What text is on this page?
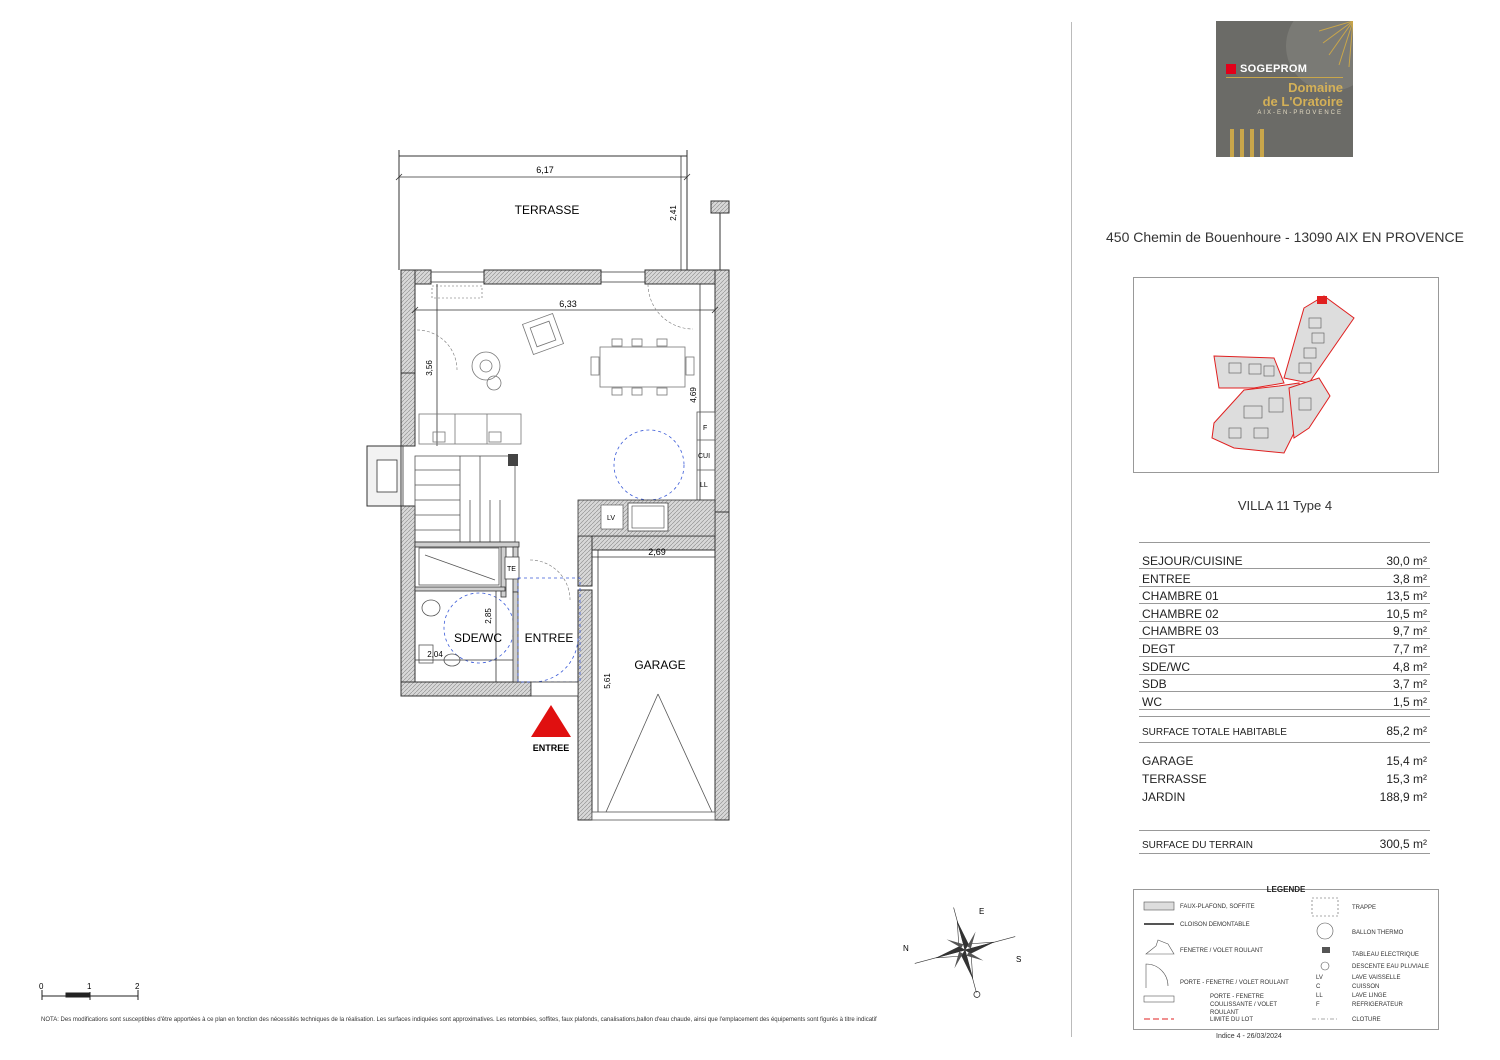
6,17
2,41
TERRASSE
6,33
3,56
4,69
F
CUI
LL
LV
TE
2,04
2,85
SDE/WC ENTREE
2,69
5,61
GARAGE
ENTREE
N
E
S
0	1	2
NOTA: Des modifications sont susceptibles d'être apportées à ce plan en fonction des nécessités techniques de la réalisation. Les surfaces indiquées sont approximatives. Les retombées, soffites, faux plafonds, canalisations,ballon d'eau chaude, ainsi que l'emplacement des équipements sont figurés à titre indicatif
SOGEPROM
Domaine
de L'Oratoire
AIX-EN-PROVENCE
450 Chemin de Bouenhoure - 13090 AIX EN PROVENCE
VILLA 11 Type 4
SEJOUR/CUISINE	30,0 m²
ENTREE	3,8 m²
CHAMBRE 01	13,5 m²
CHAMBRE 02	10,5 m²
CHAMBRE 03	9,7 m²
DEGT	7,7 m²
SDE/WC	4,8 m²
SDB	3,7 m²
WC	1,5 m²
SURFACE TOTALE HABITABLE	85,2 m²
GARAGE	15,4 m²
TERRASSE	15,3 m²
JARDIN	188,9 m²
SURFACE DU TERRAIN	300,5 m²
LEGENDE
FAUX-PLAFOND, SOFFITE
CLOISON DEMONTABLE
FENETRE / VOLET ROULANT
PORTE - FENETRE / VOLET ROULANT
PORTE - FENETRE COULISSANTE / VOLET ROULANT
LIMITE DU LOT
TRAPPE
BALLON THERMO
TABLEAU ELECTRIQUE
DESCENTE EAU PLUVIALE
LAVE VAISSELLE
CUISSON
LAVE LINGE
REFRIGERATEUR
CLOTURE
LV
C
LL
F
Indice 4 - 26/03/2024
